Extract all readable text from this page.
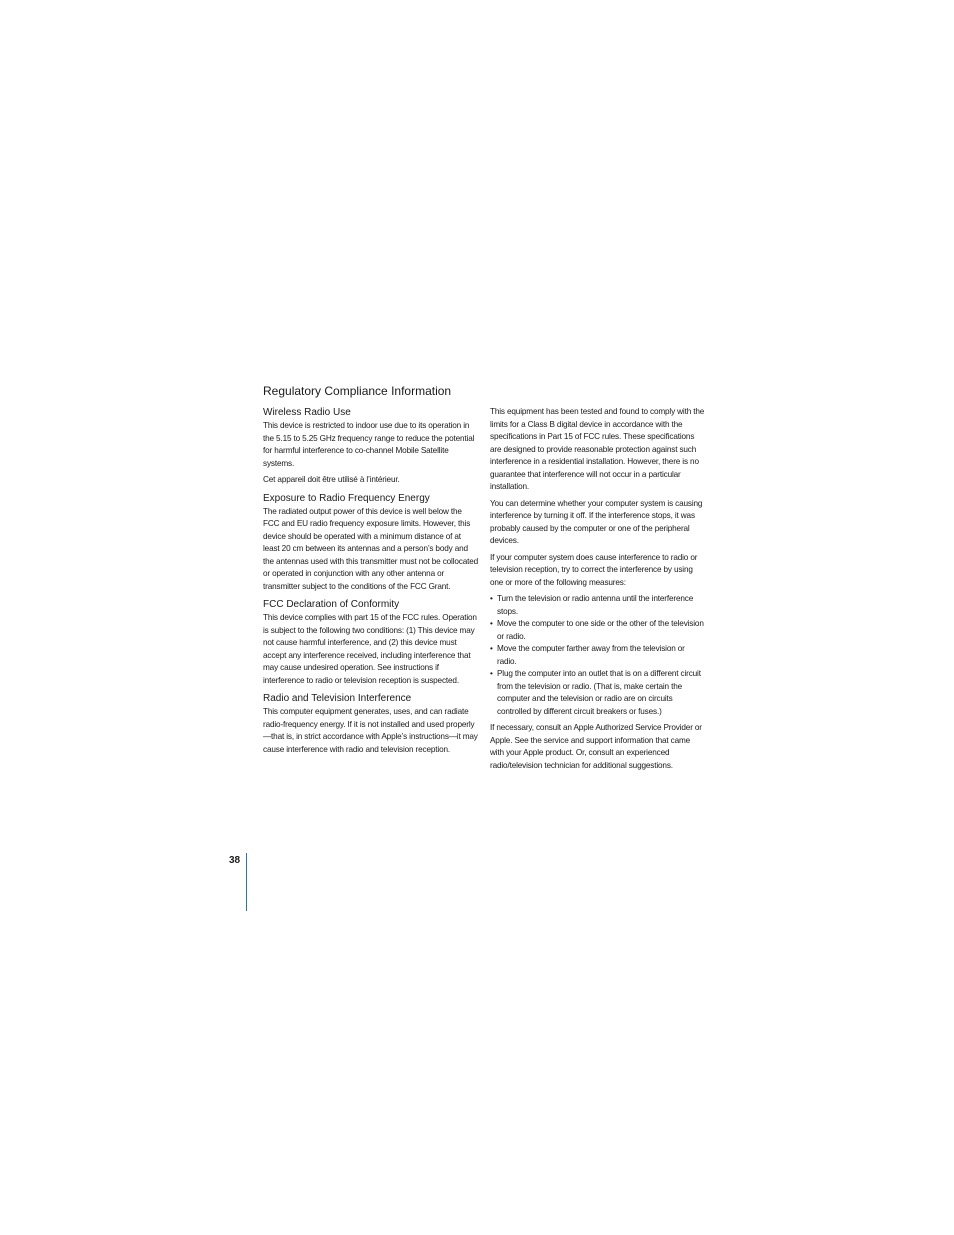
Regulatory Compliance Information
Wireless Radio Use

This device is restricted to indoor use due to its operation in the 5.15 to 5.25 GHz frequency range to reduce the potential for harmful interference to co-channel Mobile Satellite systems.

Cet appareil doit être utilisé à l’intérieur.

Exposure to Radio Frequency Energy

The radiated output power of this device is well below the FCC and EU radio frequency exposure limits. However, this device should be operated with a minimum distance of at least 20 cm between its antennas and a person’s body and the antennas used with this transmitter must not be collocated or operated in conjunction with any other antenna or transmitter subject to the conditions of the FCC Grant.

FCC Declaration of Conformity

This device complies with part 15 of the FCC rules. Operation is subject to the following two conditions: (1) This device may not cause harmful interference, and (2) this device must accept any interference received, including interference that may cause undesired operation. See instructions if interference to radio or television reception is suspected.

Radio and Television Interference

This computer equipment generates, uses, and can radiate radio-frequency energy. If it is not installed and used properly—that is, in strict accordance with Apple’s instructions—it may cause interference with radio and television reception.

This equipment has been tested and found to comply with the limits for a Class B digital device in accordance with the specifications in Part 15 of FCC rules. These specifications are designed to provide reasonable protection against such interference in a residential installation. However, there is no guarantee that interference will not occur in a particular installation.

You can determine whether your computer system is causing interference by turning it off. If the interference stops, it was probably caused by the computer or one of the peripheral devices.

If your computer system does cause interference to radio or television reception, try to correct the interference by using one or more of the following measures:

• Turn the television or radio antenna until the interference stops.
• Move the computer to one side or the other of the television or radio.
• Move the computer farther away from the television or radio.
• Plug the computer into an outlet that is on a different circuit from the television or radio. (That is, make certain the computer and the television or radio are on circuits controlled by different circuit breakers or fuses.)

If necessary, consult an Apple Authorized Service Provider or Apple. See the service and support information that came with your Apple product. Or, consult an experienced radio/television technician for additional suggestions.

38
